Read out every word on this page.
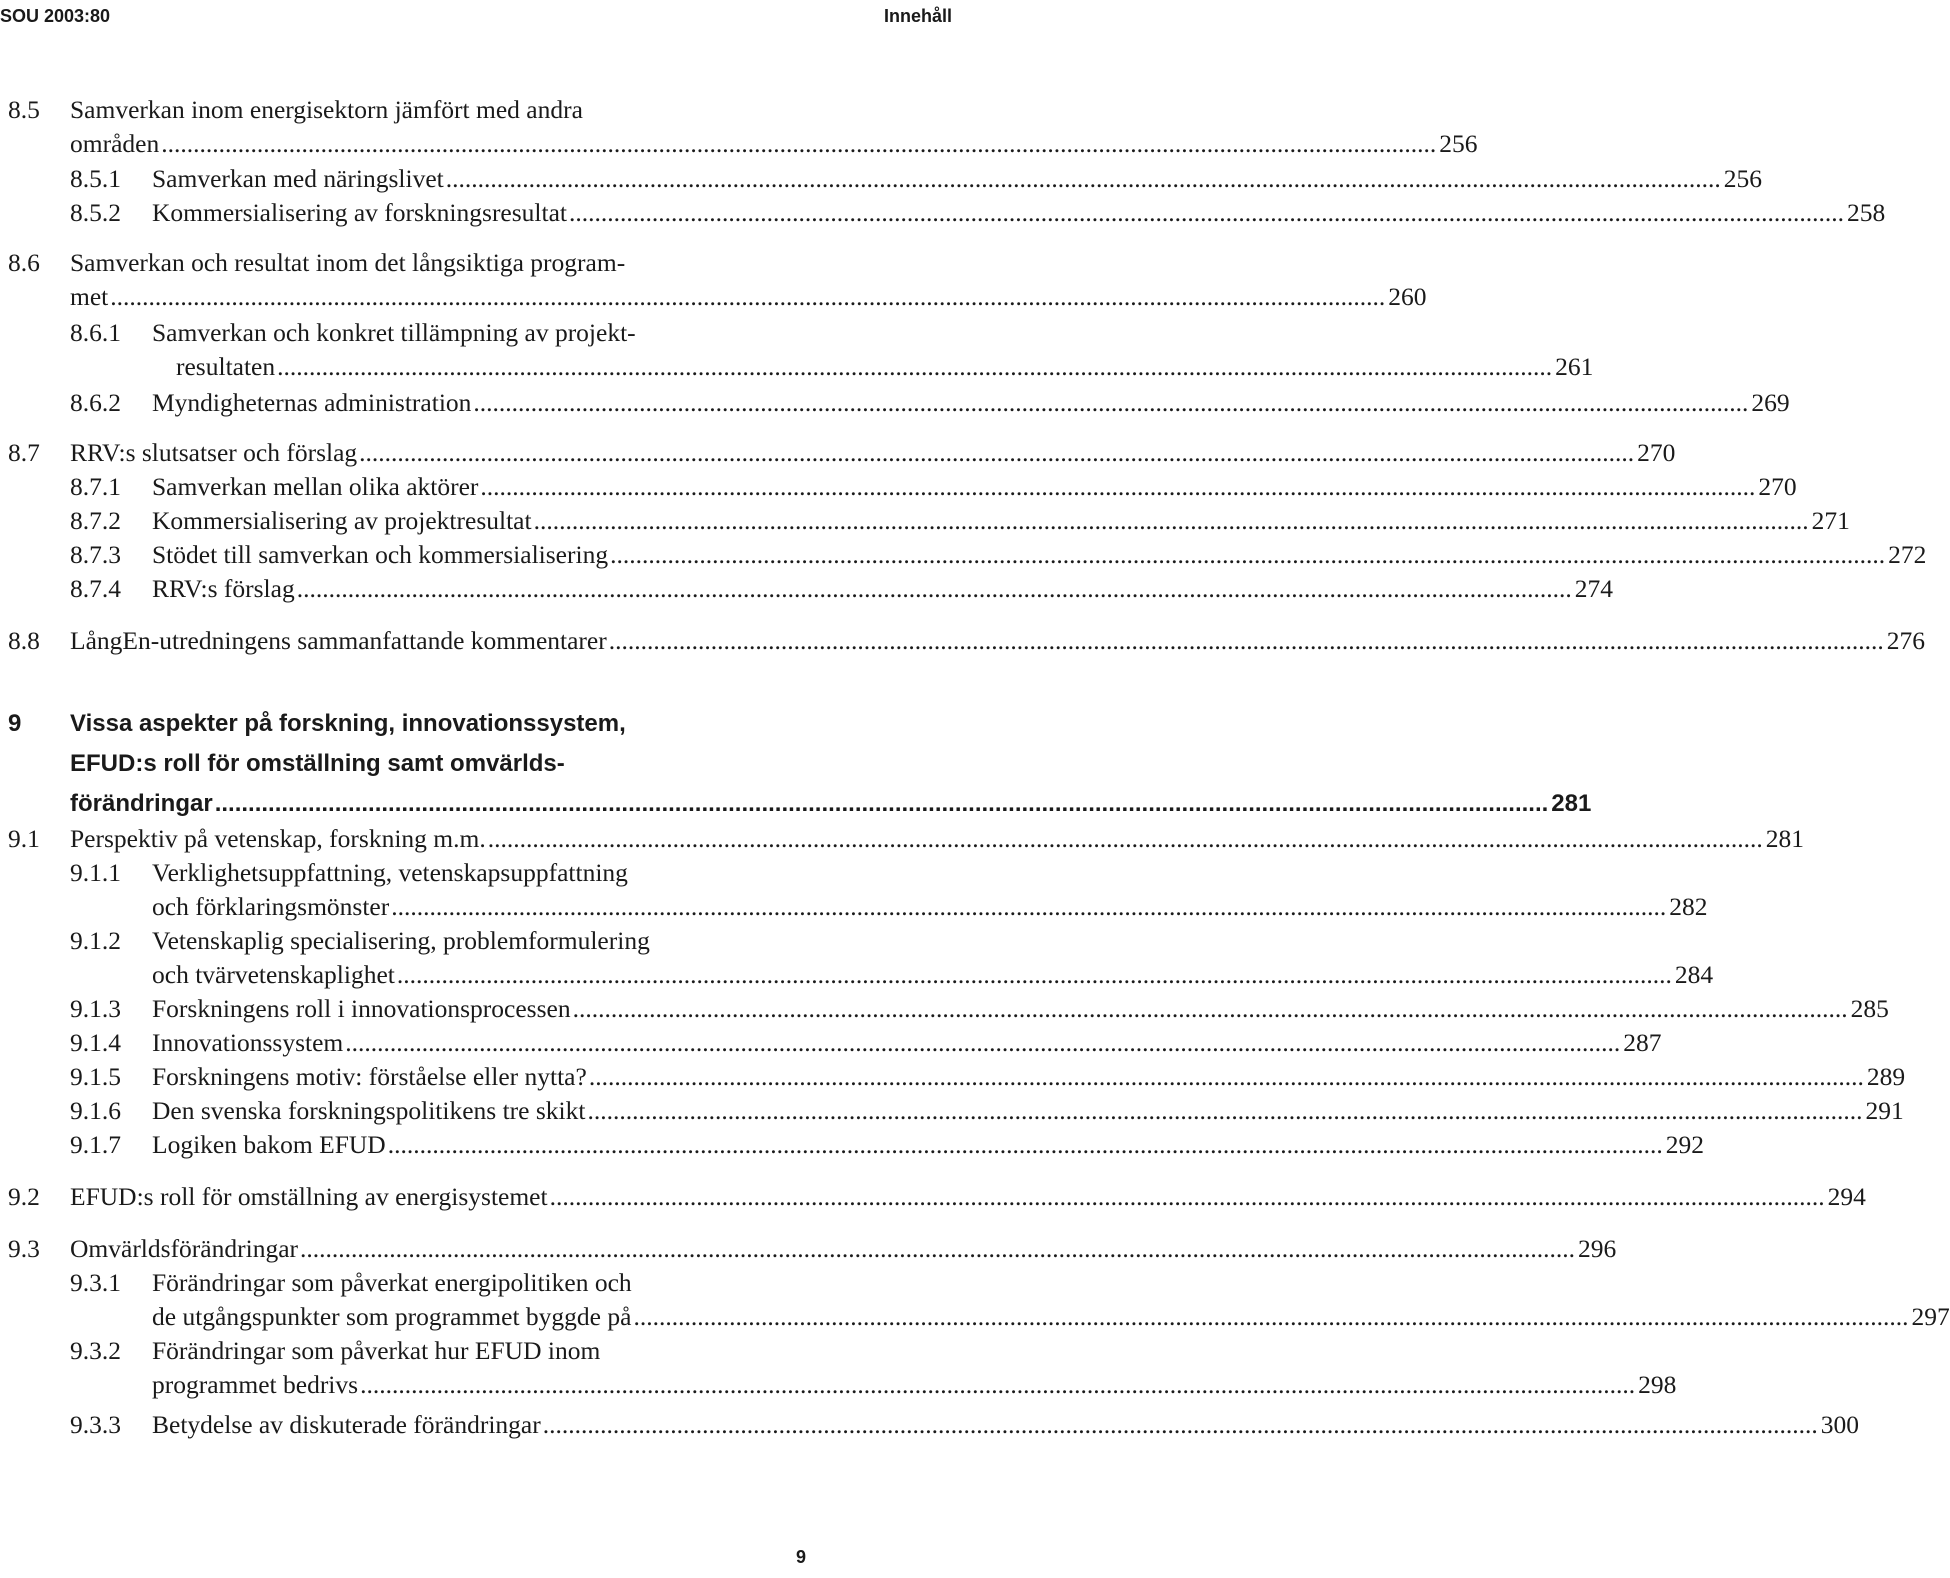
SOU 2003:80	Innehåll
8.5 Samverkan inom energisektorn jämfört med andra
områden ........................................................................................................................................................................................................ 256
8.5.1 Samverkan med näringslivet ........................................................................................................................................................................................................ 256
8.5.2 Kommersialisering av forskningsresultat ........................................................................................................................................................................................................ 258
8.6 Samverkan och resultat inom det långsiktiga program-
met ........................................................................................................................................................................................................ 260
8.6.1 Samverkan och konkret tillämpning av projekt-
resultaten ........................................................................................................................................................................................................ 261
8.6.2 Myndigheternas administration ........................................................................................................................................................................................................ 269
8.7 RRV:s slutsatser och förslag ........................................................................................................................................................................................................ 270
8.7.1 Samverkan mellan olika aktörer ........................................................................................................................................................................................................ 270
8.7.2 Kommersialisering av projektresultat ........................................................................................................................................................................................................ 271
8.7.3 Stödet till samverkan och kommersialisering ........................................................................................................................................................................................................ 272
8.7.4 RRV:s förslag ........................................................................................................................................................................................................ 274
8.8 LångEn-utredningens sammanfattande kommentarer ........................................................................................................................................................................................................ 276
9 Vissa aspekter på forskning, innovationssystem,
EFUD:s roll för omställning samt omvärlds-
förändringar ........................................................................................................................................................................................................ 281
9.1 Perspektiv på vetenskap, forskning m.m. ........................................................................................................................................................................................................ 281
9.1.1 Verklighetsuppfattning, vetenskapsuppfattning
och förklaringsmönster ........................................................................................................................................................................................................ 282
9.1.2 Vetenskaplig specialisering, problemformulering
och tvärvetenskaplighet ........................................................................................................................................................................................................ 284
9.1.3 Forskningens roll i innovationsprocessen ........................................................................................................................................................................................................ 285
9.1.4 Innovationssystem ........................................................................................................................................................................................................ 287
9.1.5 Forskningens motiv: förståelse eller nytta? ........................................................................................................................................................................................................ 289
9.1.6 Den svenska forskningspolitikens tre skikt ........................................................................................................................................................................................................ 291
9.1.7 Logiken bakom EFUD ........................................................................................................................................................................................................ 292
9.2 EFUD:s roll för omställning av energisystemet ........................................................................................................................................................................................................ 294
9.3 Omvärldsförändringar ........................................................................................................................................................................................................ 296
9.3.1 Förändringar som påverkat energipolitiken och
de utgångspunkter som programmet byggde på ........................................................................................................................................................................................................ 297
9.3.2 Förändringar som påverkat hur EFUD inom
programmet bedrivs ........................................................................................................................................................................................................ 298
9.3.3 Betydelse av diskuterade förändringar ........................................................................................................................................................................................................ 300
9
